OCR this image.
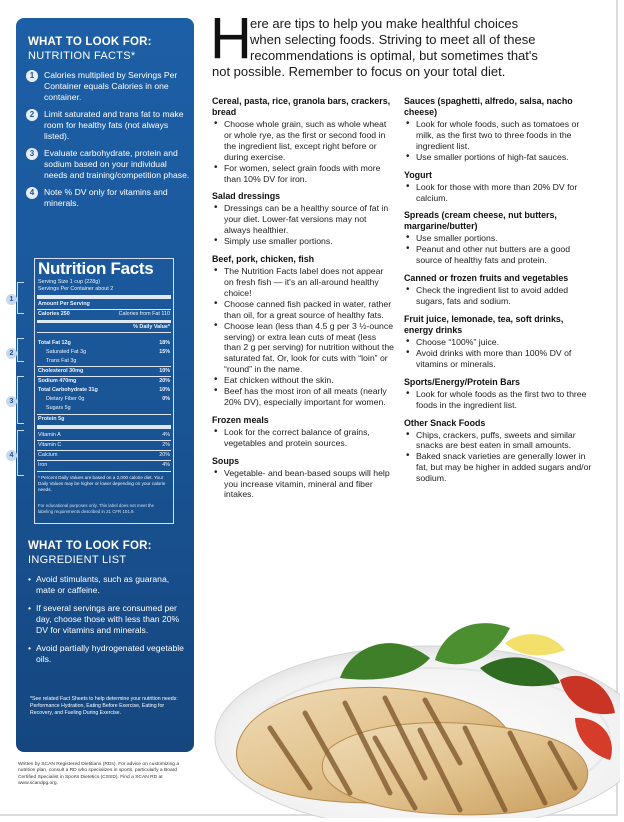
WHAT TO LOOK FOR:
NUTRITION FACTS*
1	Calories multiplied by Servings Per Container equals Calories in one container.
2	Limit saturated and trans fat to make room for healthy fats (not always listed).
3	Evaluate carbohydrate, protein and sodium based on your individual needs and training/competition phase.
4	Note % DV only for vitamins and minerals.
WHAT TO LOOK FOR:
INGREDIENT LIST
• Avoid stimulants, such as guarana, mate or caffeine.
• If several servings are consumed per day, choose those with less than 20% DV for vitamins and minerals.
• Avoid partially hydrogenated vegetable oils.
*See related Fact Sheets to help determine your nutrition needs: Performance Hydration, Eating Before Exercise, Eating for Recovery, and Fueling During Exercise.
Nutrition Facts
Serving Size 1 cup (228g)
Servings Per Container about 2
Amount Per Serving
Calories 250	Calories from Fat 110
% Daily Value*
Total Fat 12g	18%
Saturated Fat 3g	15%
Trans Fat 3g
Cholesterol 30mg	10%
Sodium 470mg	20%
Total Carbohydrate 31g	10%
Dietary Fiber 0g	0%
Sugars 5g
Protein 5g
Vitamin A	4%
Vitamin C	2%
Calcium	20%
Iron	4%
* Percent Daily Values are based on a 2,000 calorie diet. Your Daily Values may be higher or lower depending on your calorie needs.
For educational purposes only. This label does not meet the labeling requirements described in 21 CFR 101.9.
1
2
3
4
Written by SCAN Registered Dietitians (RDs). For advice on customizing a nutrition plan, consult a RD who specializes in sports, particularly a Board Certified Specialist in Sports Dietetics (CSSD). Find a SCAN RD at www.scandpg.org.
H
ere are tips to help you make healthful choices
when selecting foods. Striving to meet all of these
recommendations is optimal, but sometimes that's
not possible. Remember to focus on your total diet.
Cereal, pasta, rice, granola bars, crackers, bread
• Choose whole grain, such as whole wheat or whole rye, as the first or second food in the ingredient list, except right before or during exercise.
• For women, select grain foods with more than 10% DV for iron.
Salad dressings
• Dressings can be a healthy source of fat in your diet. Lower-fat versions may not always healthier.
• Simply use smaller portions.
Beef, pork, chicken, fish
• The Nutrition Facts label does not appear on fresh fish — it's an all-around healthy choice!
• Choose canned fish packed in water, rather than oil, for a great source of healthy fats.
• Choose lean (less than 4.5 g per 3 ½-ounce serving) or extra lean cuts of meat (less than 2 g per serving) for nutrition without the saturated fat. Or, look for cuts with “loin” or “round” in the name.
• Eat chicken without the skin.
• Beef has the most iron of all meats (nearly 20% DV), especially important for women.
Frozen meals
• Look for the correct balance of grains, vegetables and protein sources.
Soups
• Vegetable- and bean-based soups will help you increase vitamin, mineral and fiber intakes.
Sauces (spaghetti, alfredo, salsa, nacho cheese)
• Look for whole foods, such as tomatoes or milk, as the first two to three foods in the ingredient list.
• Use smaller portions of high-fat sauces.
Yogurt
• Look for those with more than 20% DV for calcium.
Spreads (cream cheese, nut butters, margarine/butter)
• Use smaller portions.
• Peanut and other nut butters are a good source of healthy fats and protein.
Canned or frozen fruits and vegetables
• Check the ingredient list to avoid added sugars, fats and sodium.
Fruit juice, lemonade, tea, soft drinks, energy drinks
• Choose “100%” juice.
• Avoid drinks with more than 100% DV of vitamins or minerals.
Sports/Energy/Protein Bars
• Look for whole foods as the first two to three foods in the ingredient list.
Other Snack Foods
• Chips, crackers, puffs, sweets and similar snacks are best eaten in small amounts.
• Baked snack varieties are generally lower in fat, but may be higher in added sugars and/or sodium.
